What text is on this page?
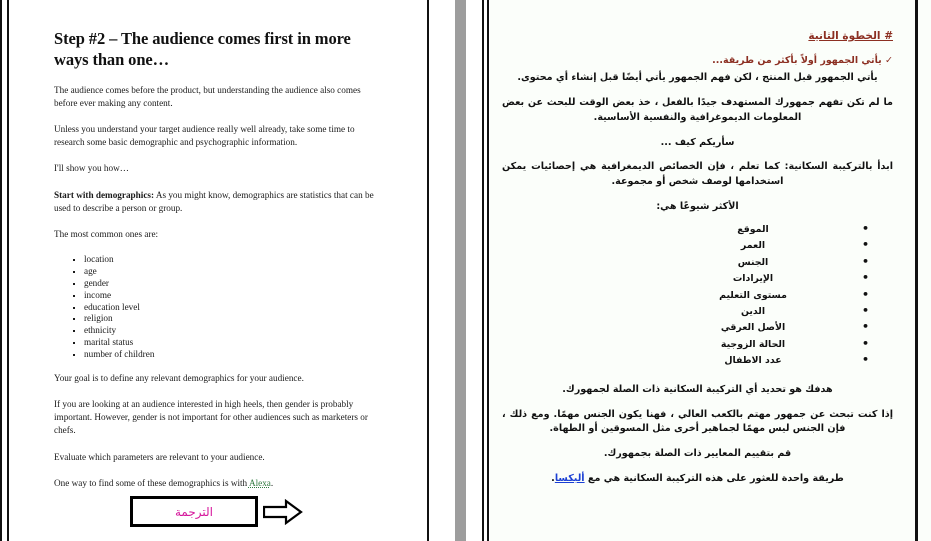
Step #2 – The audience comes first in more ways than one…

The audience comes before the product, but understanding the audience also comes before ever making any content.

Unless you understand your target audience really well already, take some time to research some basic demographic and psychographic information.

I'll show you how…

Start with demographics: As you might know, demographics are statistics that can be used to describe a person or group.

The most common ones are:

location
age
gender
income
education level
religion
ethnicity
marital status
number of children

Your goal is to define any relevant demographics for your audience.

If you are looking at an audience interested in high heels, then gender is probably important. However, gender is not important for other audiences such as marketers or chefs.

Evaluate which parameters are relevant to your audience.

One way to find some of these demographics is with Alexa.

الترجمة
# الخطوة الثانية
✓ يأتي الجمهور أولاً بأكثر من طريقة...

يأتي الجمهور قبل المنتج ، لكن فهم الجمهور يأتي أيضًا قبل إنشاء أي محتوى.

ما لم تكن تفهم جمهورك المستهدف جيدًا بالفعل ، خذ بعض الوقت للبحث عن بعض المعلومات الديموغرافية والنفسية الأساسية.

سأريكم كيف ...

ابدأ بالتركيبة السكانية: كما تعلم ، فإن الخصائص الديمغرافية هي إحصائيات يمكن استخدامها لوصف شخص أو مجموعة.

الأكثر شيوعًا هي:

• الموقع
• العمر
• الجنس
• الإيرادات
• مستوى التعليم
• الدين
• الأصل العرقي
• الحالة الزوجية
• عدد الاطفال

هدفك هو تحديد أي التركيبة السكانية ذات الصلة لجمهورك.

إذا كنت تبحث عن جمهور مهتم بالكعب العالي ، فهنا يكون الجنس مهمًا. ومع ذلك ، فإن الجنس ليس مهمًا لجماهير أخرى مثل المسوقين أو الطهاة.

قم بتقييم المعايير ذات الصلة بجمهورك.

طريقة واحدة للعثور على هذه التركيبة السكانية هي مع أليكسا.
